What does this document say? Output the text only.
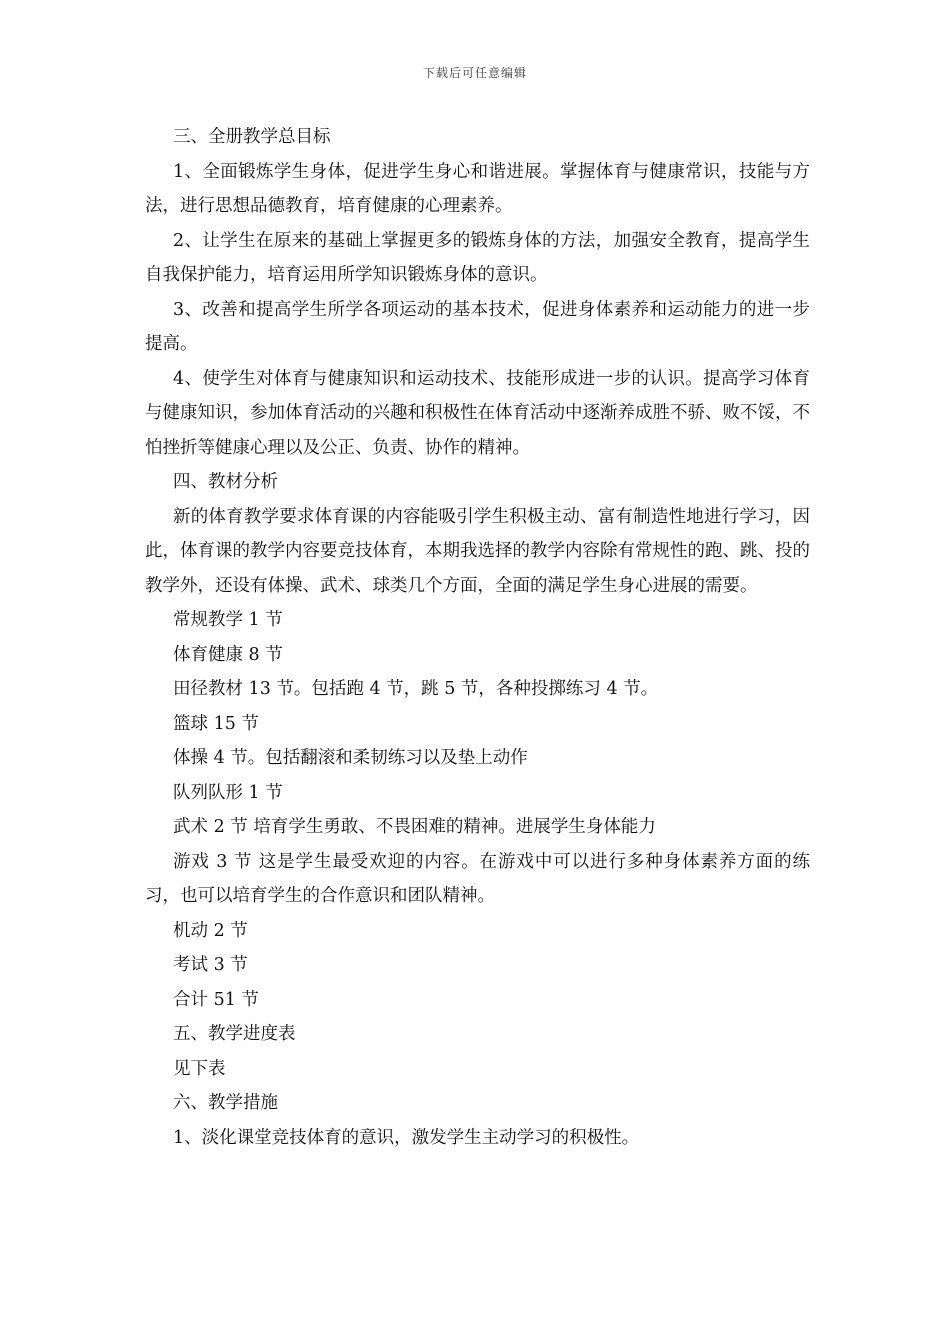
下载后可任意编辑

三、全册教学总目标

1、全面锻炼学生身体，促进学生身心和谐进展。掌握体育与健康常识，技能与方法，进行思想品德教育，培育健康的心理素养。

2、让学生在原来的基础上掌握更多的锻炼身体的方法，加强安全教育，提高学生自我保护能力，培育运用所学知识锻炼身体的意识。

3、改善和提高学生所学各项运动的基本技术，促进身体素养和运动能力的进一步提高。

4、使学生对体育与健康知识和运动技术、技能形成进一步的认识。提高学习体育与健康知识，参加体育活动的兴趣和积极性在体育活动中逐渐养成胜不骄、败不馁，不怕挫折等健康心理以及公正、负责、协作的精神。

四、教材分析

新的体育教学要求体育课的内容能吸引学生积极主动、富有制造性地进行学习，因此，体育课的教学内容要竞技体育，本期我选择的教学内容除有常规性的跑、跳、投的教学外，还设有体操、武术、球类几个方面，全面的满足学生身心进展的需要。

常规教学 1 节

体育健康 8 节

田径教材 13 节。包括跑 4 节，跳 5 节，各种投掷练习 4 节。

篮球 15 节

体操 4 节。包括翻滚和柔韧练习以及垫上动作

队列队形 1 节

武术 2 节 培育学生勇敢、不畏困难的精神。进展学生身体能力

游戏 3 节 这是学生最受欢迎的内容。在游戏中可以进行多种身体素养方面的练习，也可以培育学生的合作意识和团队精神。

机动 2 节

考试 3 节

合计 51 节

五、教学进度表

见下表

六、教学措施

1、淡化课堂竞技体育的意识，激发学生主动学习的积极性。
